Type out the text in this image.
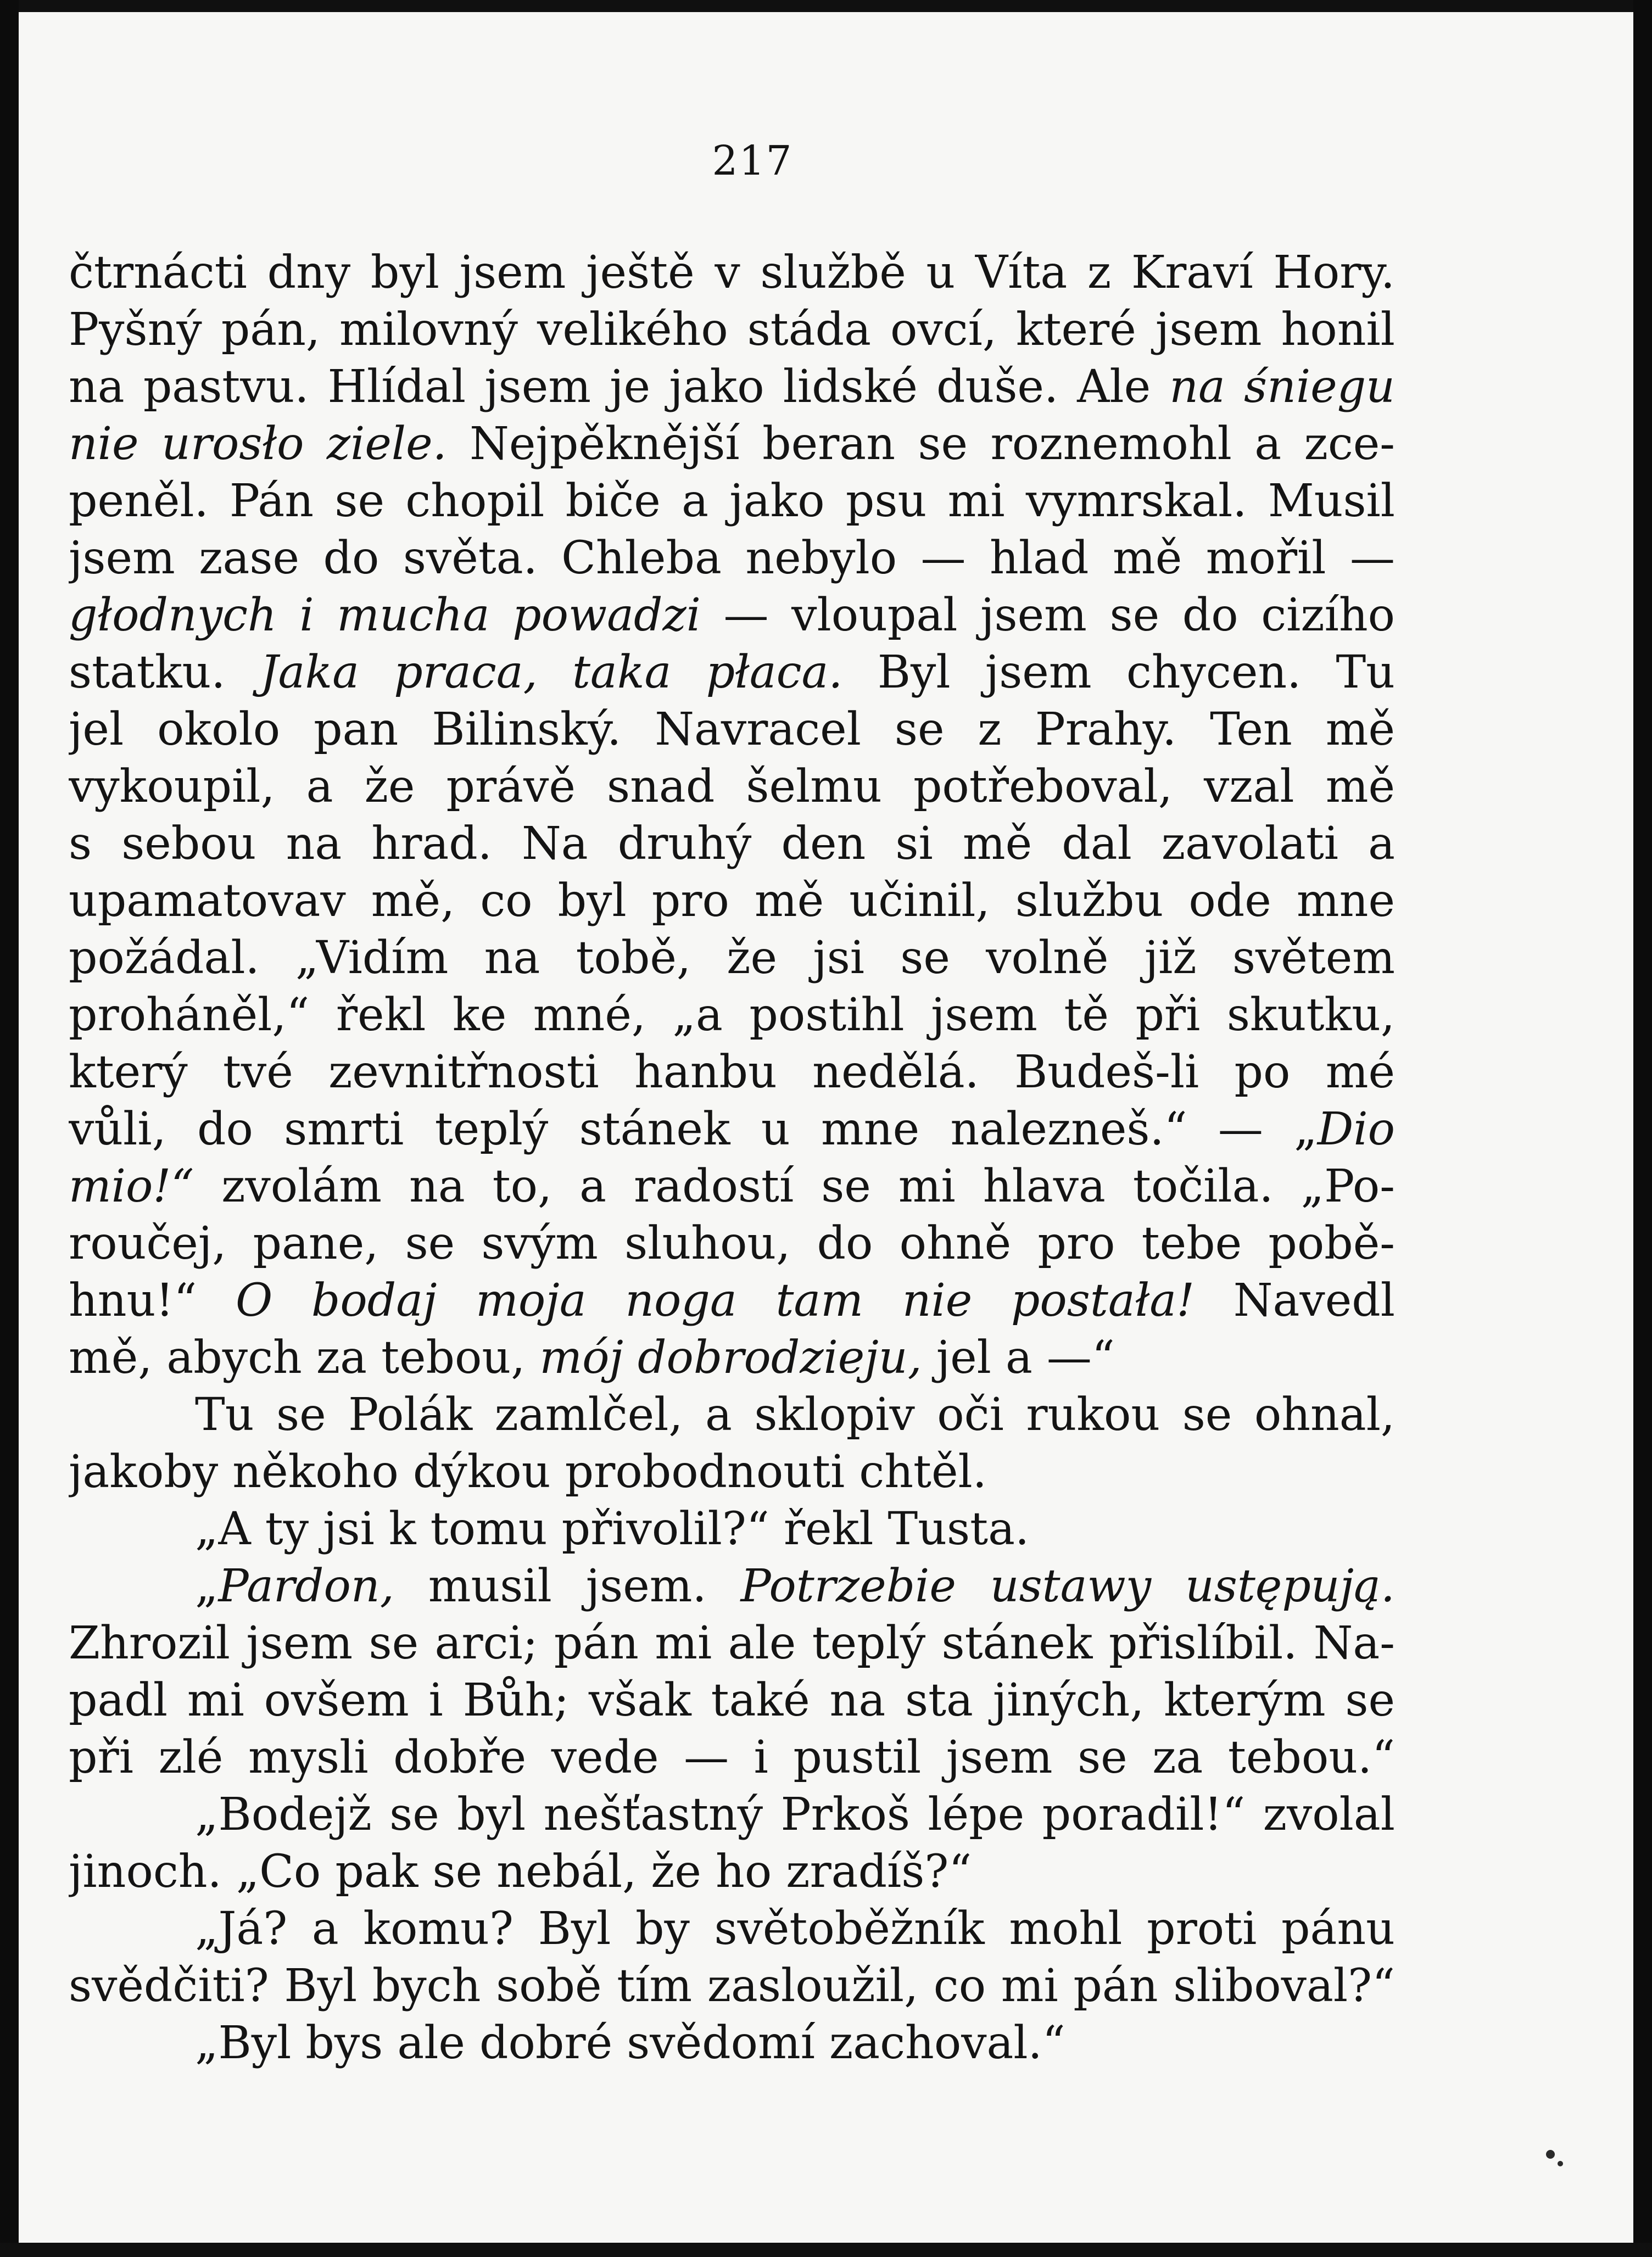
217
čtrnácti dny byl jsem ještě v službě u Víta z Kraví Hory.
Pyšný pán, milovný velikého stáda ovcí, které jsem honil
na pastvu. Hlídal jsem je jako lidské duše. Ale na śniegu
nie urosło ziele. Nejpěknější beran se roznemohl a zce-
peněl. Pán se chopil biče a jako psu mi vymrskal. Musil
jsem zase do světa. Chleba nebylo — hlad mě mořil —
głodnych i mucha powadzi — vloupal jsem se do cizího
statku. Jaka praca, taka płaca. Byl jsem chycen. Tu
jel okolo pan Bilinský. Navracel se z Prahy. Ten mě
vykoupil, a že právě snad šelmu potřeboval, vzal mě
s sebou na hrad. Na druhý den si mě dal zavolati a
upamatovav mě, co byl pro mě učinil, službu ode mne
požádal. „Vidím na tobě, že jsi se volně již světem
proháněl,“ řekl ke mné, „a postihl jsem tě při skutku,
který tvé zevnitřnosti hanbu nedělá. Budeš-li po mé
vůli, do smrti teplý stánek u mne nalezneš.“ — „Dio
mio!“ zvolám na to, a radostí se mi hlava točila. „Po-
roučej, pane, se svým sluhou, do ohně pro tebe pobě-
hnu!“ O bodaj moja noga tam nie postała! Navedl
mě, abych za tebou, mój dobrodzieju, jel a —“
Tu se Polák zamlčel, a sklopiv oči rukou se ohnal,
jakoby někoho dýkou probodnouti chtěl.
„A ty jsi k tomu přivolil?“ řekl Tusta.
„Pardon, musil jsem. Potrzebie ustawy ustępują.
Zhrozil jsem se arci; pán mi ale teplý stánek přislíbil. Na-
padl mi ovšem i Bůh; však také na sta jiných, kterým se
při zlé mysli dobře vede — i pustil jsem se za tebou.“
„Bodejž se byl nešťastný Prkoš lépe poradil!“ zvolal
jinoch. „Co pak se nebál, že ho zradíš?“
„Já? a komu? Byl by světoběžník mohl proti pánu
svědčiti? Byl bych sobě tím zasloužil, co mi pán sliboval?“
„Byl bys ale dobré svědomí zachoval.“
